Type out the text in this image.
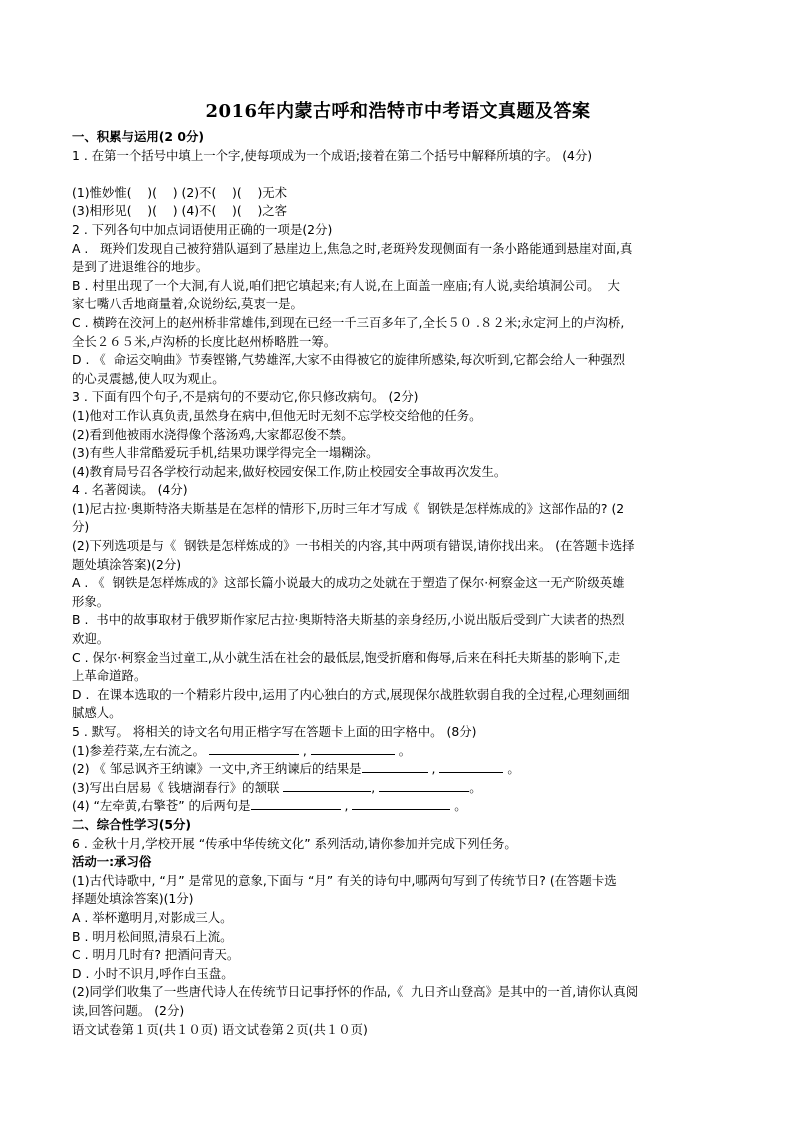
2016年内蒙古呼和浩特市中考语文真题及答案

一、积累与运用(2 0分)

1 . 在第一个括号中填上一个字,使每项成为一个成语;接着在第二个括号中解释所填的字。 (4分)

(1)惟妙惟(    )(    ) (2)不(    )(    )无术

(3)相形见(    )(    ) (4)不(    )(    )之客

2 . 下列各句中加点词语使用正确的一项是(2分)

A .   斑羚们发现自己被狩猎队逼到了悬崖边上,焦急之时,老斑羚发现侧面有一条小路能通到悬崖对面,真

是到了进退维谷的地步。

B . 村里出现了一个大洞,有人说,咱们把它填起来;有人说,在上面盖一座庙;有人说,卖给填洞公司。  大

家七嘴八舌地商量着,众说纷纭,莫衷一是。

C . 横跨在洨河上的赵州桥非常雄伟,到现在已经一千三百多年了,全长５０ .８２米;永定河上的卢沟桥,

全长２６５米,卢沟桥的长度比赵州桥略胜一筹。

D . 《  命运交响曲》节奏铿锵,气势雄浑,大家不由得被它的旋律所感染,每次听到,它都会给人一种强烈

的心灵震撼,使人叹为观止。

3 . 下面有四个句子,不是病句的不要动它,你只修改病句。 (2分)

(1)他对工作认真负责,虽然身在病中,但他无时无刻不忘学校交给他的任务。

(2)看到他被雨水浇得像个落汤鸡,大家都忍俊不禁。

(3)有些人非常酷爱玩手机,结果功课学得完全一塌糊涂。

(4)教育局号召各学校行动起来,做好校园安保工作,防止校园安全事故再次发生。

4 . 名著阅读。 (4分)

(1)尼古拉·奥斯特洛夫斯基是在怎样的情形下,历时三年才写成《  钢铁是怎样炼成的》这部作品的? (2

分)

(2)下列选项是与《  钢铁是怎样炼成的》一书相关的内容,其中两项有错误,请你找出来。 (在答题卡选择

题处填涂答案)(2分)

A . 《  钢铁是怎样炼成的》这部长篇小说最大的成功之处就在于塑造了保尔·柯察金这一无产阶级英雄

形象。

B .  书中的故事取材于俄罗斯作家尼古拉·奥斯特洛夫斯基的亲身经历,小说出版后受到广大读者的热烈

欢迎。

C . 保尔·柯察金当过童工,从小就生活在社会的最低层,饱受折磨和侮辱,后来在科托夫斯基的影响下,走

上革命道路。

D .  在课本选取的一个精彩片段中,运用了内心独白的方式,展现保尔战胜软弱自我的全过程,心理刻画细

腻感人。

5 . 默写。 将相关的诗文名句用正楷字写在答题卡上面的田字格中。 (8分)

(1)参差荇菜,左右流之。	,	。

(2) 《 邹忌讽齐王纳谏》一文中,齐王纳谏后的结果是	,	。

(3)写出白居易《 钱塘湖春行》的颔联	,	。

(4) “左牵黄,右擎苍” 的后两句是	,	。

二、综合性学习(5分)

6 . 金秋十月,学校开展 “传承中华传统文化” 系列活动,请你参加并完成下列任务。

活动一:承习俗

(1)古代诗歌中, “月” 是常见的意象,下面与 “月” 有关的诗句中,哪两句写到了传统节日? (在答题卡选

择题处填涂答案)(1分)

A . 举杯邀明月,对影成三人。

B . 明月松间照,清泉石上流。

C . 明月几时有? 把酒问青天。

D . 小时不识月,呼作白玉盘。

(2)同学们收集了一些唐代诗人在传统节日记事抒怀的作品,《  九日齐山登高》是其中的一首,请你认真阅

读,回答问题。 (2分)

语文试卷第１页(共１０页) 语文试卷第２页(共１０页)
